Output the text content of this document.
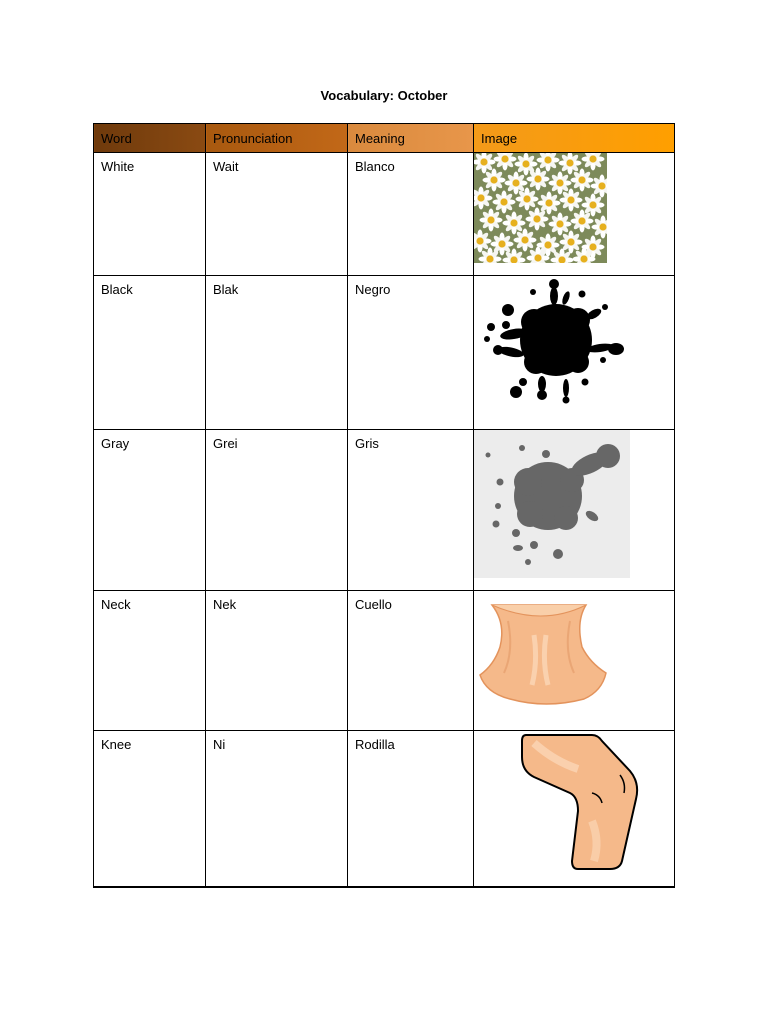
Vocabulary: October
Word	Pronunciation	Meaning	Image
White	Wait	Blanco	

Black	Blak	Negro	

Gray	Grei	Gris	

Neck	Nek	Cuello	

Knee	Ni	Rodilla	
